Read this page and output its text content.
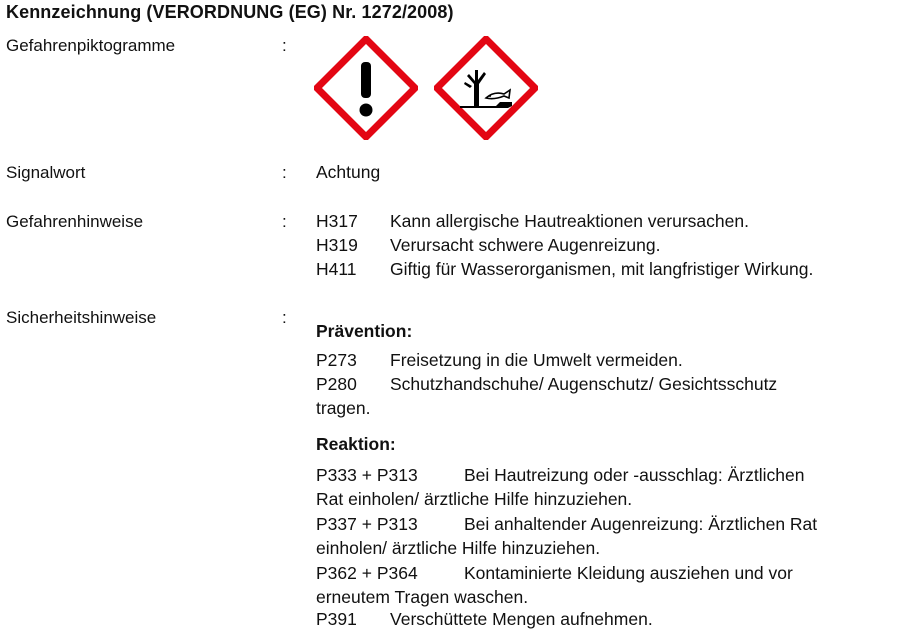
Kennzeichnung (VERORDNUNG (EG) Nr. 1272/2008)
Gefahrenpiktogramme	:
Signalwort	: Achtung
Gefahrenhinweise	: H317 Kann allergische Hautreaktionen verursachen.
H319 Verursacht schwere Augenreizung.
H411 Giftig für Wasserorganismen, mit langfristiger Wirkung.
Sicherheitshinweise	:
Prävention:
P273 Freisetzung in die Umwelt vermeiden.
P280 Schutzhandschuhe/ Augenschutz/ Gesichtsschutz
tragen.
Reaktion:
P333 + P313	Bei Hautreizung oder -ausschlag: Ärztlichen
Rat einholen/ ärztliche Hilfe hinzuziehen.
P337 + P313	Bei anhaltender Augenreizung: Ärztlichen Rat
einholen/ ärztliche Hilfe hinzuziehen.
P362 + P364	Kontaminierte Kleidung ausziehen und vor
erneutem Tragen waschen.
P391 Verschüttete Mengen aufnehmen.
